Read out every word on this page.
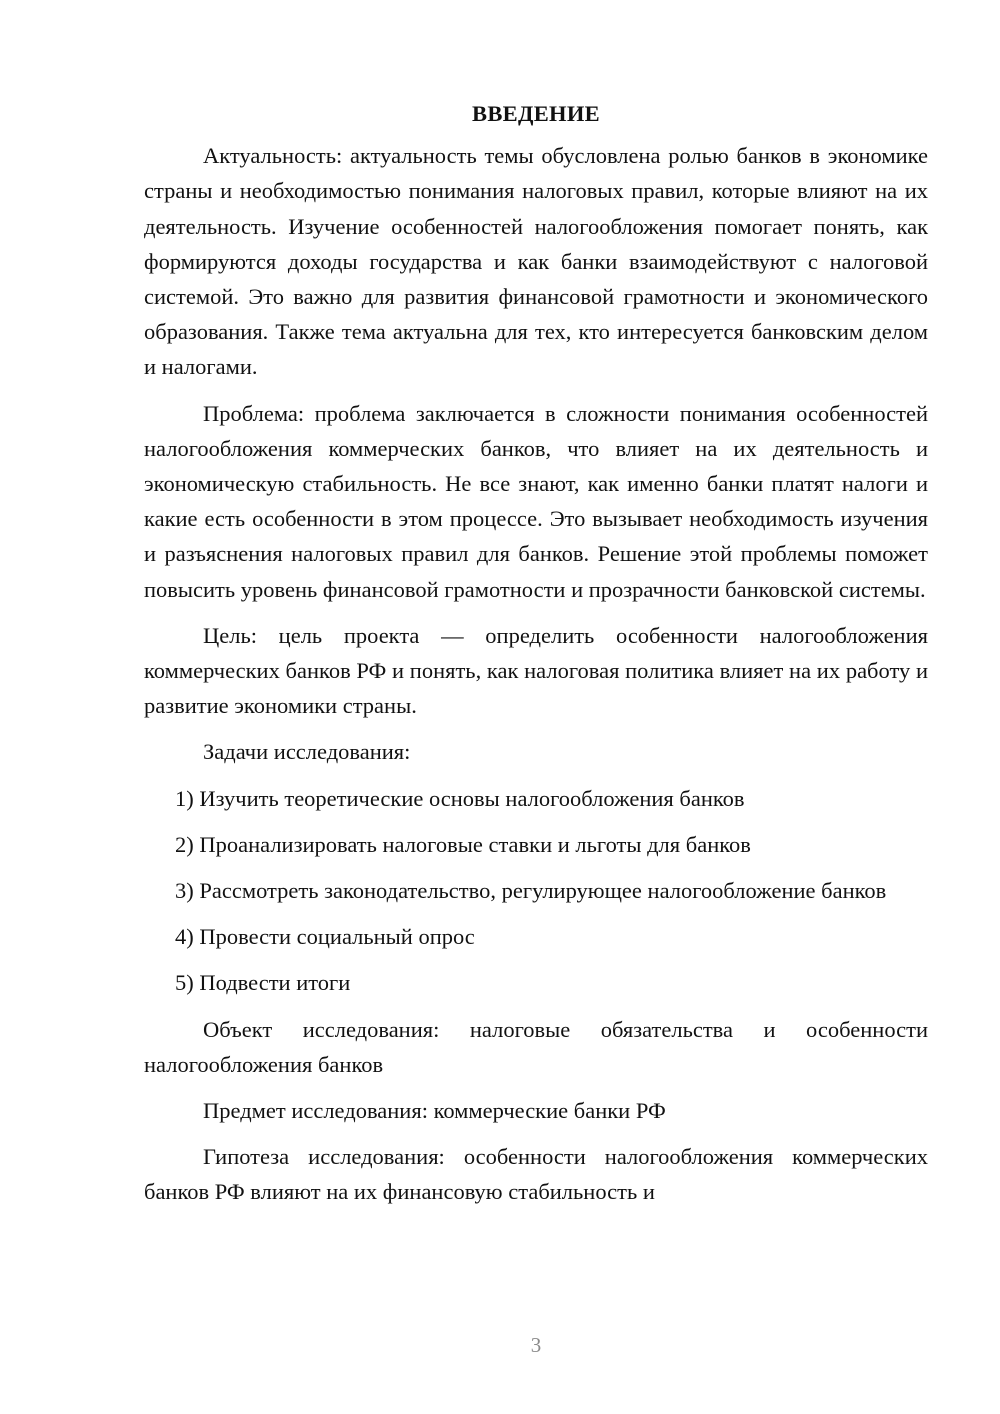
ВВЕДЕНИЕ

Актуальность: актуальность темы обусловлена ролью банков в экономике страны и необходимостью понимания налоговых правил, которые влияют на их деятельность. Изучение особенностей налогообложения помогает понять, как формируются доходы государства и как банки взаимодействуют с налоговой системой. Это важно для развития финансовой грамотности и экономического образования. Также тема актуальна для тех, кто интересуется банковским делом и налогами.

Проблема: проблема заключается в сложности понимания особенностей налогообложения коммерческих банков, что влияет на их деятельность и экономическую стабильность. Не все знают, как именно банки платят налоги и какие есть особенности в этом процессе. Это вызывает необходимость изучения и разъяснения налоговых правил для банков. Решение этой проблемы поможет повысить уровень финансовой грамотности и прозрачности банковской системы.

Цель: цель проекта — определить особенности налогообложения коммерческих банков РФ и понять, как налоговая политика влияет на их работу и развитие экономики страны.

Задачи исследования:

1) Изучить теоретические основы налогообложения банков

2) Проанализировать налоговые ставки и льготы для банков

3) Рассмотреть законодательство, регулирующее налогообложение банков

4) Провести социальный опрос

5) Подвести итоги

Объект исследования: налоговые обязательства и особенности налогообложения банков

Предмет исследования: коммерческие банки РФ

Гипотеза исследования: особенности налогообложения коммерческих банков РФ влияют на их финансовую стабильность и

3
